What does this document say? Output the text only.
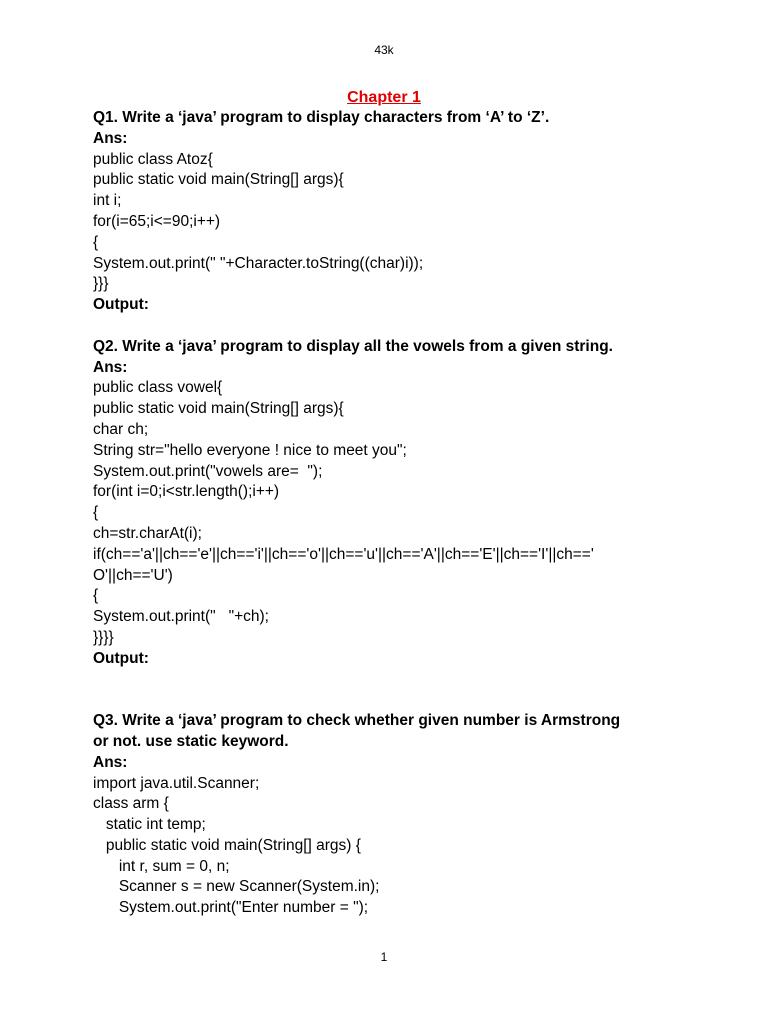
43k
Chapter 1
Q1. Write a ‘java’ program to display characters from ‘A’ to ‘Z’.
Ans:
public class Atoz{
public static void main(String[] args){
int i;
for(i=65;i<=90;i++)
{
System.out.print(" "+Character.toString((char)i));
}}}
Output:
Q2. Write a ‘java’ program to display all the vowels from a given string.
Ans:
public class vowel{
public static void main(String[] args){
char ch;
String str="hello everyone ! nice to meet you";
System.out.print("vowels are=  ");
for(int i=0;i<str.length();i++)
{
ch=str.charAt(i);
if(ch=='a'||ch=='e'||ch=='i'||ch=='o'||ch=='u'||ch=='A'||ch=='E'||ch=='I'||ch=='
O'||ch=='U')
{
System.out.print("   "+ch);
}}}}
Output:
Q3. Write a ‘java’ program to check whether given number is Armstrong
or not. use static keyword.
Ans:
import java.util.Scanner;
class arm {
static int temp;
public static void main(String[] args) {
int r, sum = 0, n;
Scanner s = new Scanner(System.in);
System.out.print("Enter number = ");
1
